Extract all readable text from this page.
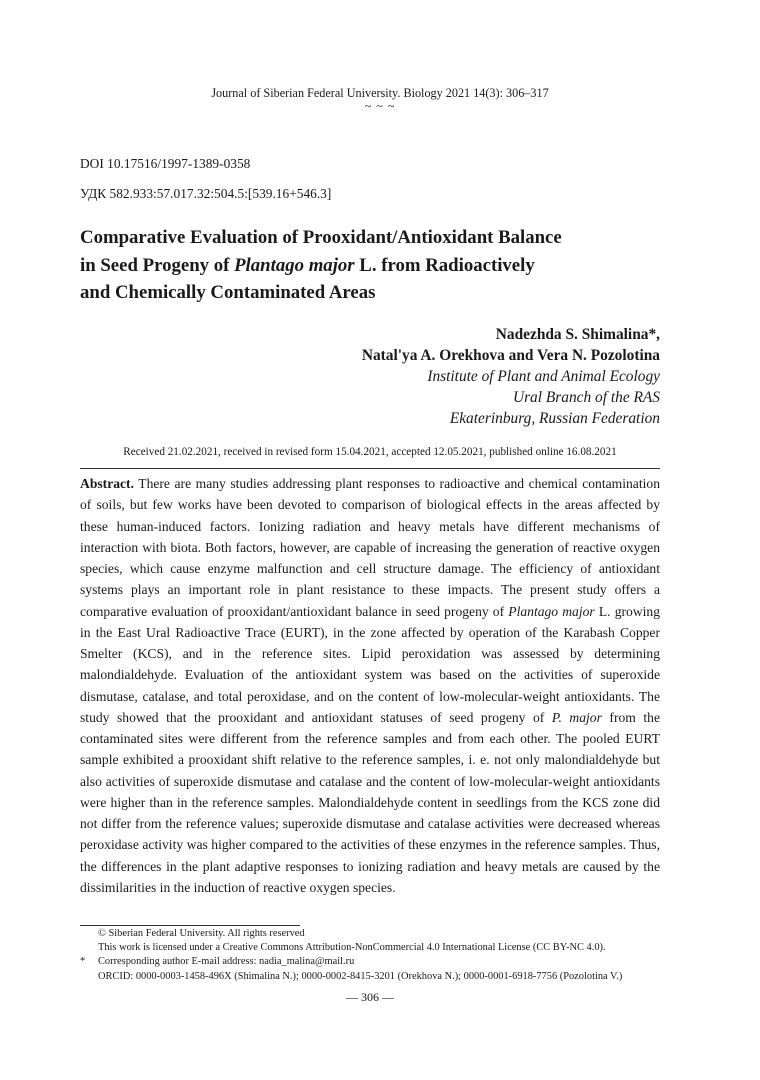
Journal of Siberian Federal University. Biology 2021 14(3): 306–317
~ ~ ~
DOI 10.17516/1997-1389-0358
УДК 582.933:57.017.32:504.5:[539.16+546.3]
Comparative Evaluation of Prooxidant/Antioxidant Balance
in Seed Progeny of Plantago major L. from Radioactively
and Chemically Contaminated Areas
Nadezhda S. Shimalina*,
Natal'ya A. Orekhova and Vera N. Pozolotina
Institute of Plant and Animal Ecology
Ural Branch of the RAS
Ekaterinburg, Russian Federation
Received 21.02.2021, received in revised form 15.04.2021, accepted 12.05.2021, published online 16.08.2021
Abstract. There are many studies addressing plant responses to radioactive and chemical contamination of soils, but few works have been devoted to comparison of biological effects in the areas affected by these human-induced factors. Ionizing radiation and heavy metals have different mechanisms of interaction with biota. Both factors, however, are capable of increasing the generation of reactive oxygen species, which cause enzyme malfunction and cell structure damage. The efficiency of antioxidant systems plays an important role in plant resistance to these impacts. The present study offers a comparative evaluation of prooxidant/antioxidant balance in seed progeny of Plantago major L. growing in the East Ural Radioactive Trace (EURT), in the zone affected by operation of the Karabash Copper Smelter (KCS), and in the reference sites. Lipid peroxidation was assessed by determining malondialdehyde. Evaluation of the antioxidant system was based on the activities of superoxide dismutase, catalase, and total peroxidase, and on the content of low-molecular-weight antioxidants. The study showed that the prooxidant and antioxidant statuses of seed progeny of P. major from the contaminated sites were different from the reference samples and from each other. The pooled EURT sample exhibited a prooxidant shift relative to the reference samples, i. e. not only malondialdehyde but also activities of superoxide dismutase and catalase and the content of low-molecular-weight antioxidants were higher than in the reference samples. Malondialdehyde content in seedlings from the KCS zone did not differ from the reference values; superoxide dismutase and catalase activities were decreased whereas peroxidase activity was higher compared to the activities of these enzymes in the reference samples. Thus, the differences in the plant adaptive responses to ionizing radiation and heavy metals are caused by the dissimilarities in the induction of reactive oxygen species.
© Siberian Federal University. All rights reserved
This work is licensed under a Creative Commons Attribution-NonCommercial 4.0 International License (CC BY-NC 4.0).
*	Corresponding author E-mail address: nadia_malina@mail.ru
ORCID: 0000-0003-1458-496X (Shimalina N.); 0000-0002-8415-3201 (Orekhova N.); 0000-0001-6918-7756 (Pozolotina V.)
— 306 —
